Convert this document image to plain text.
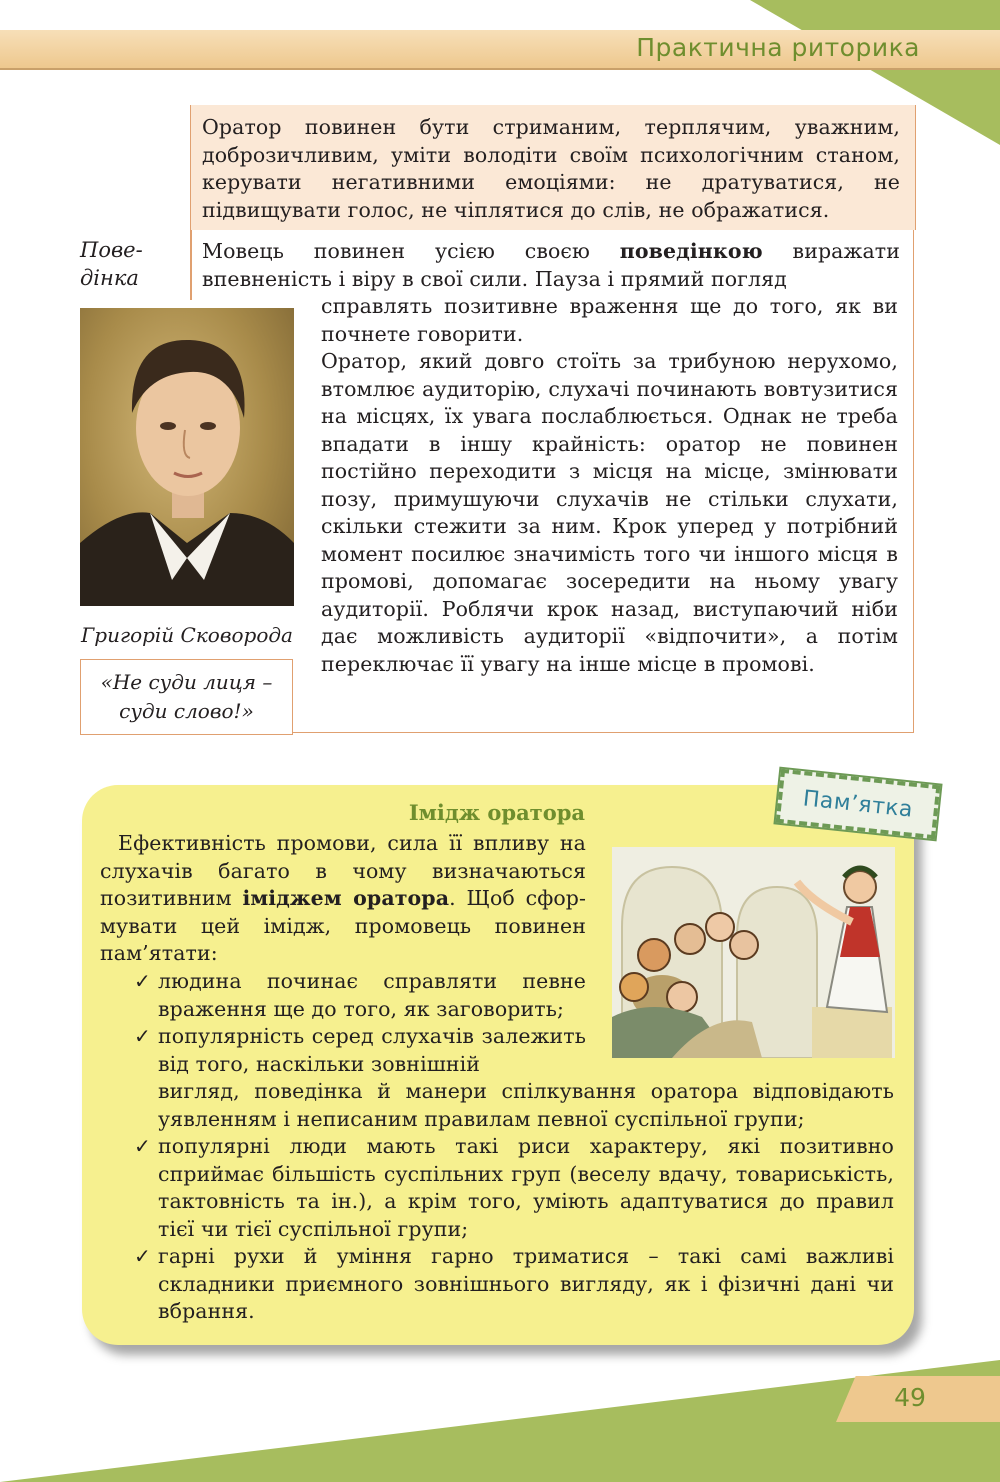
Практична риторика
Оратор повинен бути стриманим, терплячим, уважним, доброзичливим, уміти володіти своїм психологічним станом, керувати негативними емоціями: не дратуватися, не підвищувати голос, не чіплятися до слів, не ображатися.
Пове-
дінка
Мовець повинен усією своєю поведінкою виражати впевненість і віру в свої сили. Пауза і прямий погляд
справлять позитивне враження ще до того, як ви почнете говорити.
Оратор, який довго стоїть за трибуною нерухомо, втомлює аудиторію, слухачі починають вовтузитися на місцях, їх увага послаблюється. Однак не треба впадати в іншу крайність: оратор не повинен постійно переходити з місця на місце, змінювати позу, примушуючи слухачів не стільки слухати, скільки стежити за ним. Крок уперед у потрібний момент посилює значимість того чи іншого місця в промові, допомагає зосередити на ньому увагу аудиторії. Роблячи крок назад, виступаючий ніби дає можливість аудиторії «відпочити», а потім переключає її увагу на інше місце в промові.
Григорій Сковорода
«Не суди лиця –
суди слово!»
Пам’ятка
Імідж оратора
Ефективність промови, сила її впливу на слухачів багато в чому визначаються позитивним іміджем оратора. Щоб сформувати цей імідж, промовець повинен пам’ятати:
✓ людина починає справляти певне враження ще до того, як заговорить;
✓ популярність серед слухачів залежить від того, наскільки зовнішній
вигляд, поведінка й манери спілкування оратора відповідають уявленням і неписаним правилам певної суспільної групи;
✓ популярні люди мають такі риси характеру, які позитивно сприймає більшість суспільних груп (веселу вдачу, товариськість, тактовність та ін.), а крім того, уміють адаптуватися до правил тієї чи тієї суспільної групи;
✓ гарні рухи й уміння гарно триматися – такі самі важливі складники приємного зовнішнього вигляду, як і фізичні дані чи вбрання.
49
